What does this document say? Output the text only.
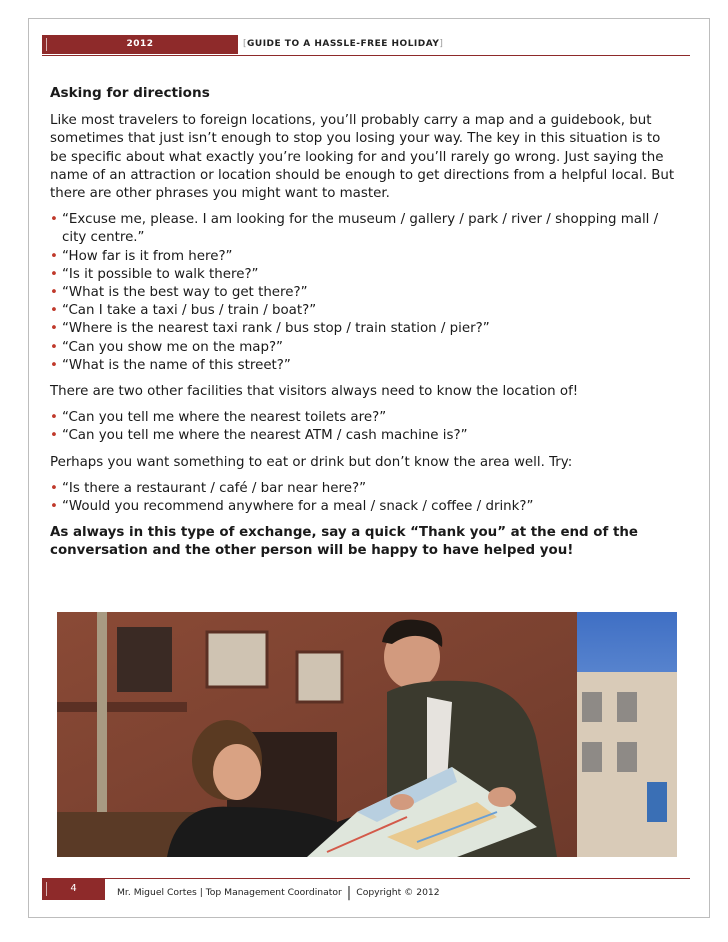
2012	[GUIDE TO A HASSLE-FREE HOLIDAY]
Asking for directions

Like most travelers to foreign locations, you’ll probably carry a map and a guidebook, but sometimes that just isn’t enough to stop you losing your way. The key in this situation is to be specific about what exactly you’re looking for and you’ll rarely go wrong. Just saying the name of an attraction or location should be enough to get directions from a helpful local. But there are other phrases you might want to master.

• “Excuse me, please. I am looking for the museum / gallery / park / river / shopping mall / city centre.”
• “How far is it from here?”
• “Is it possible to walk there?”
• “What is the best way to get there?”
• “Can I take a taxi / bus / train / boat?”
• “Where is the nearest taxi rank / bus stop / train station / pier?”
• “Can you show me on the map?”
• “What is the name of this street?”

There are two other facilities that visitors always need to know the location of!

• “Can you tell me where the nearest toilets are?”
• “Can you tell me where the nearest ATM / cash machine is?”

Perhaps you want something to eat or drink but don’t know the area well. Try:

• “Is there a restaurant / café / bar near here?”
• “Would you recommend anywhere for a meal / snack / coffee / drink?”

As always in this type of exchange, say a quick “Thank you” at the end of the conversation and the other person will be happy to have helped you!

4	Mr. Miguel Cortes | Top Management Coordinator | Copyright © 2012
